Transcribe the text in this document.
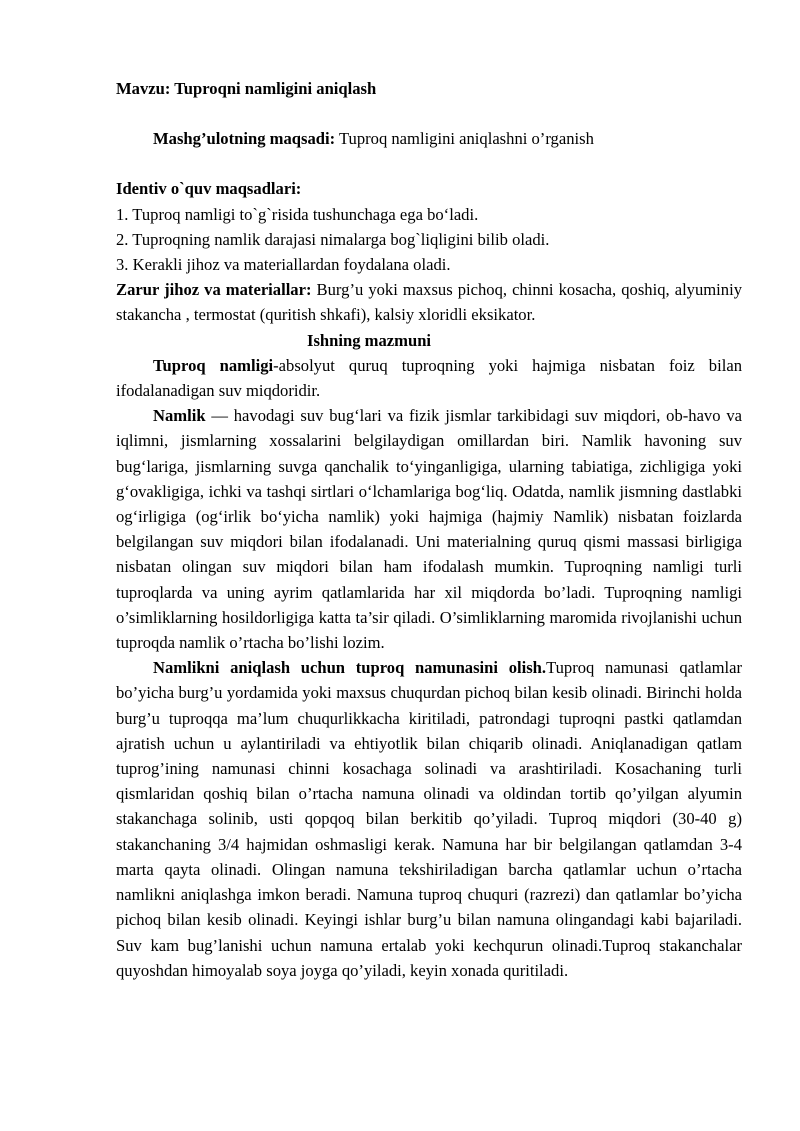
Mavzu: Tuproqni namligini aniqlash
Mashg’ulotning maqsadi: Tuproq namligini aniqlashni o’rganish
Identiv o`quv maqsadlari:
1. Tuproq namligi to`g`risida tushunchaga ega bo‘ladi.
2. Tuproqning namlik darajasi nimalarga bog`liqligini bilib oladi.
3. Kerakli jihoz va materiallardan foydalana oladi.

Zarur jihoz va materiallar: Burg’u yoki maxsus pichoq, chinni kosacha, qoshiq, alyuminiy stakancha , termostat (quritish shkafi), kalsiy xloridli eksikator.

Ishning mazmuni

Tuproq namligi-absolyut quruq tuproqning yoki hajmiga nisbatan foiz bilan ifodalanadigan suv miqdoridir.

Namlik — havodagi suv bug‘lari va fizik jismlar tarkibidagi suv miqdori, ob-havo va iqlimni, jismlarning xossalarini belgilaydigan omillardan biri. Namlik havoning suv bug‘lariga, jismlarning suvga qanchalik to‘yinganligiga, ularning tabiatiga, zichligiga yoki g‘ovakligiga, ichki va tashqi sirtlari o‘lchamlariga bog‘liq. Odatda, namlik jismning dastlabki og‘irligiga (og‘irlik bo‘yicha namlik) yoki hajmiga (hajmiy Namlik) nisbatan foizlarda belgilangan suv miqdori bilan ifodalanadi. Uni materialning quruq qismi massasi birligiga nisbatan olingan suv miqdori bilan ham ifodalash mumkin. Tuproqning namligi turli tuproqlarda va uning ayrim qatlamlarida har xil miqdorda bo’ladi. Tuproqning namligi o’simliklarning hosildorligiga katta ta’sir qiladi. O’simliklarning maromida rivojlanishi uchun tuproqda namlik o’rtacha bo’lishi lozim.

Namlikni aniqlash uchun tuproq namunasini olish.Tuproq namunasi qatlamlar bo’yicha burg’u yordamida yoki maxsus chuqurdan pichoq bilan kesib olinadi. Birinchi holda burg’u tuproqqa ma’lum chuqurlikkacha kiritiladi, patrondagi tuproqni pastki qatlamdan ajratish uchun u aylantiriladi va ehtiyotlik bilan chiqarib olinadi. Aniqlanadigan qatlam tuprog’ining namunasi chinni kosachaga solinadi va arashtiriladi. Kosachaning turli qismlaridan qoshiq bilan o’rtacha namuna olinadi va oldindan tortib qo’yilgan alyumin stakanchaga solinib, usti qopqoq bilan berkitib qo’yiladi. Tuproq miqdori (30-40 g) stakanchaning 3/4 hajmidan oshmasligi kerak. Namuna har bir belgilangan qatlamdan 3-4 marta qayta olinadi. Olingan namuna tekshiriladigan barcha qatlamlar uchun o’rtacha namlikni aniqlashga imkon beradi. Namuna tuproq chuquri (razrezi) dan qatlamlar bo’yicha pichoq bilan kesib olinadi. Keyingi ishlar burg’u bilan namuna olingandagi kabi bajariladi. Suv kam bug’lanishi uchun namuna ertalab yoki kechqurun olinadi.Tuproq stakanchalar quyoshdan himoyalab soya joyga qo’yiladi, keyin xonada quritiladi.
